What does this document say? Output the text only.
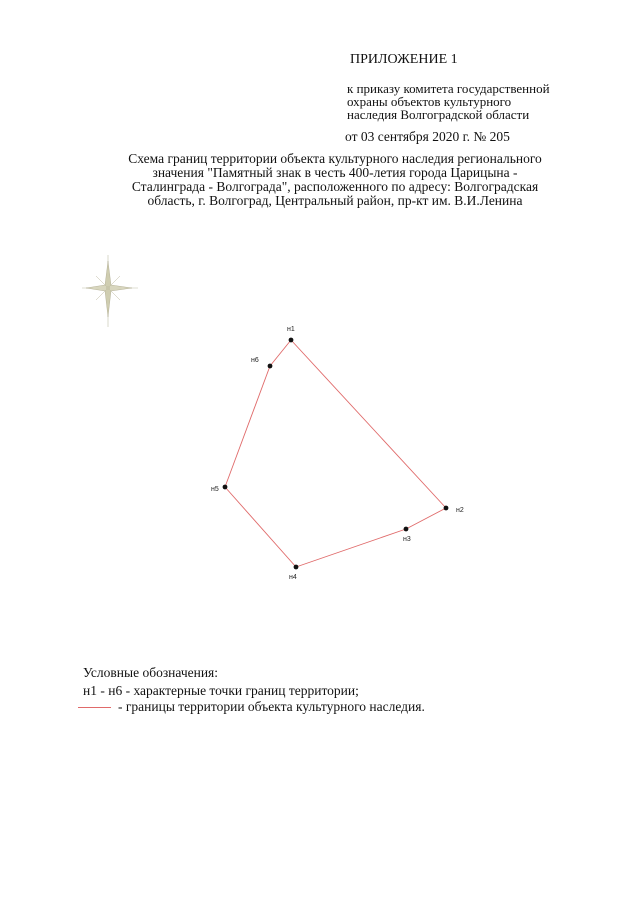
ПРИЛОЖЕНИЕ 1
к приказу комитета государственной
охраны объектов культурного
наследия Волгоградской области
от 03 сентября 2020 г. № 205
Схема границ территории объекта культурного наследия регионального
значения "Памятный знак в честь 400-летия города Царицына -
Сталинграда - Волгограда", расположенного по адресу: Волгоградская
область, г. Волгоград, Центральный район, пр-кт им. В.И.Ленина
н1
н2
н3
н4
н5
н6
Условные обозначения:
н1 - н6 - характерные точки границ территории;
- границы территории объекта культурного наследия.
